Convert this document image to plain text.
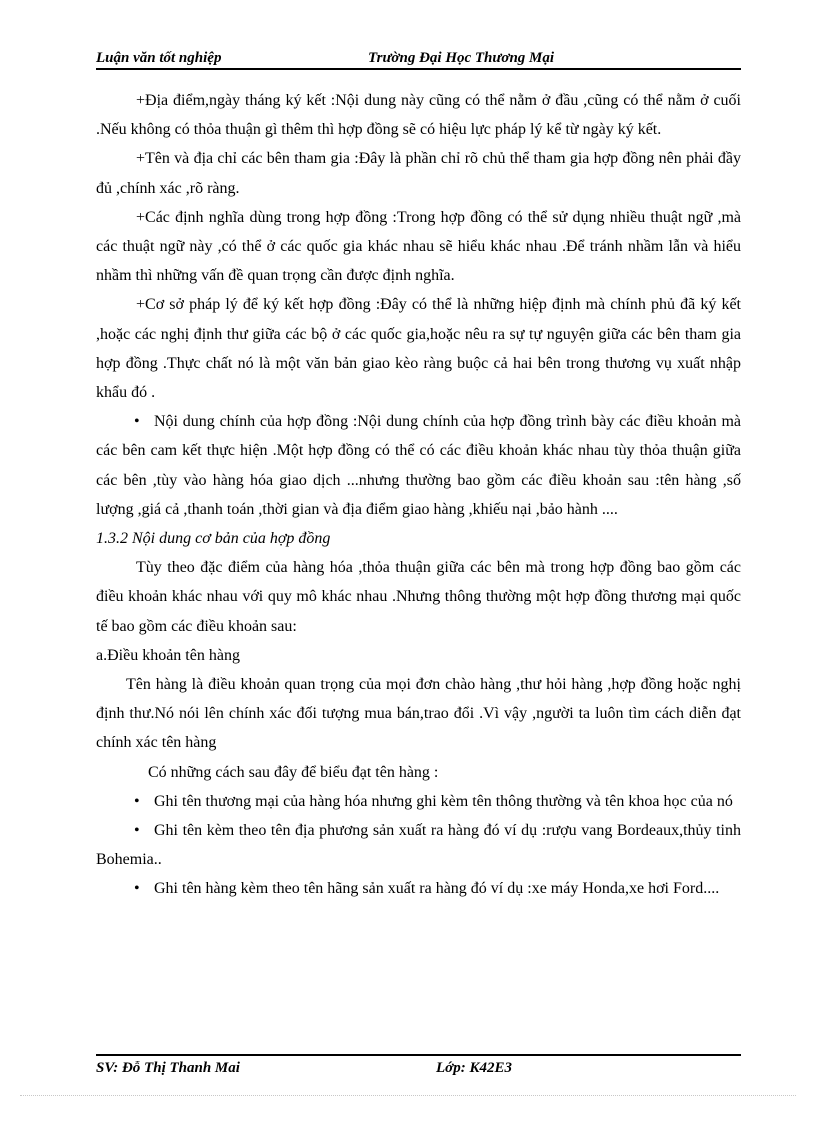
Luận văn tốt nghiệp	Trường Đại Học Thương Mại

+Địa điểm,ngày tháng ký kết :Nội dung này cũng có thể nằm ở đầu ,cũng có thể nằm ở cuối .Nếu không có thỏa thuận gì thêm thì hợp đồng sẽ có hiệu lực pháp lý kể từ ngày ký kết.

+Tên và địa chỉ các bên tham gia :Đây là phần chỉ rõ chủ thể tham gia hợp đồng nên phải đầy đủ ,chính xác ,rõ ràng.

+Các định nghĩa dùng trong hợp đồng :Trong hợp đồng có thể sử dụng nhiều thuật ngữ ,mà các thuật ngữ này ,có thể ở các quốc gia khác nhau sẽ hiểu khác nhau .Để tránh nhầm lẫn và hiểu nhầm thì những vấn đề quan trọng cần được định nghĩa.

+Cơ sở pháp lý để ký kết hợp đồng :Đây có thể là những hiệp định mà chính phủ đã ký kết ,hoặc các nghị định thư giữa các bộ ở các quốc gia,hoặc nêu ra sự tự nguyện giữa các bên tham gia hợp đồng .Thực chất nó là một văn bản giao kèo ràng buộc cả hai bên trong thương vụ xuất nhập khẩu đó .

• Nội dung chính của hợp đồng :Nội dung chính của hợp đồng trình bày các điều khoản mà các bên cam kết thực hiện .Một hợp đồng có thể có các điều khoản khác nhau tùy thỏa thuận giữa các bên ,tùy vào hàng hóa giao dịch ...nhưng thường bao gồm các điều khoản sau :tên hàng ,số lượng ,giá cả ,thanh toán ,thời gian và địa điểm giao hàng ,khiếu nại ,bảo hành ....

1.3.2 Nội dung cơ bản của hợp đồng

Tùy theo đặc điểm của hàng hóa ,thỏa thuận giữa các bên mà trong hợp đồng bao gồm các điều khoản khác nhau với quy mô khác nhau .Nhưng thông thường một hợp đồng thương mại quốc tế bao gồm các điều khoản sau:

a.Điều khoản tên hàng

Tên hàng là điều khoản quan trọng của mọi đơn chào hàng ,thư hỏi hàng ,hợp đồng hoặc nghị định thư.Nó nói lên chính xác đối tượng mua bán,trao đổi .Vì vậy ,người ta luôn tìm cách diễn đạt chính xác tên hàng

Có những cách sau đây để biểu đạt tên hàng :

• Ghi tên thương mại của hàng hóa nhưng ghi kèm tên thông thường và tên khoa học của nó

• Ghi tên kèm theo tên địa phương sản xuất ra hàng đó ví dụ :rượu vang Bordeaux,thủy tinh Bohemia..

• Ghi tên hàng kèm theo tên hãng sản xuất ra hàng đó ví dụ :xe máy Honda,xe hơi Ford....

SV: Đỗ Thị Thanh Mai	Lớp: K42E3
